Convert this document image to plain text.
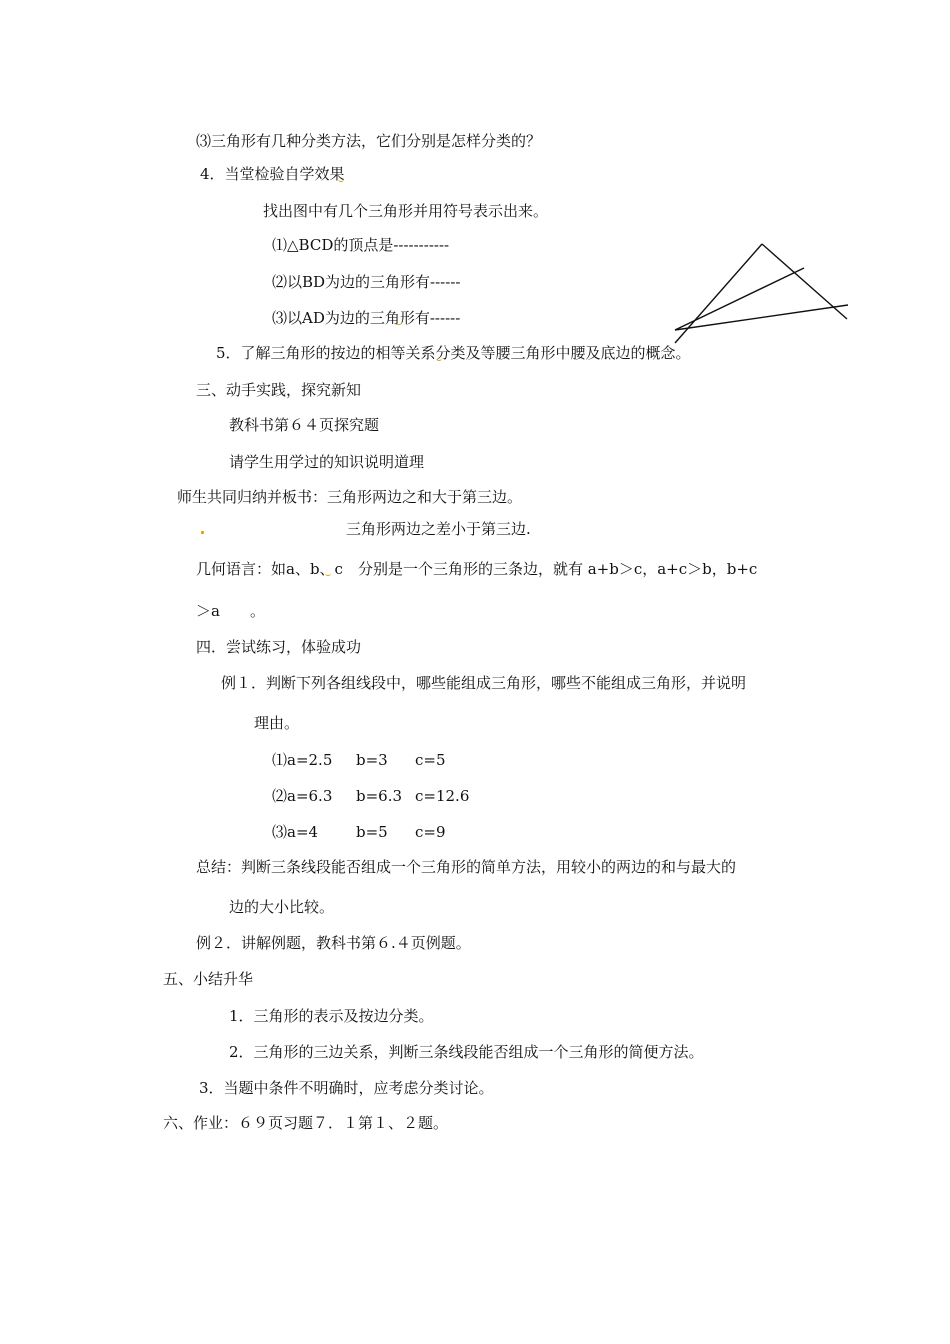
⑶三角形有几种分类方法，它们分别是怎样分类的？
4．当堂检验自学效果
找出图中有几个三角形并用符号表示出来。
⑴△BCD的顶点是-----------
⑵以BD为边的三角形有------
⑶以AD为边的三角形有------
5．了解三角形的按边的相等关系分类及等腰三角形中腰及底边的概念。
三、动手实践，探究新知
教科书第６４页探究题
请学生用学过的知识说明道理
师生共同归纳并板书：三角形两边之和大于第三边。
三角形两边之差小于第三边.
几何语言：如a、b、c　分别是一个三角形的三条边，就有 a+b＞c，a+c＞b，b+c
＞a　　。
四．尝试练习，体验成功
例１．判断下列各组线段中，哪些能组成三角形，哪些不能组成三角形，并说明
理由。
⑴a=2.5 b=3 c=5
⑵a=6.3 b=6.3 c=12.6
⑶a=4	b=5 c=9
总结：判断三条线段能否组成一个三角形的简单方法，用较小的两边的和与最大的
边的大小比较。
例２．讲解例题，教科书第６.４页例题。
五、小结升华
1．三角形的表示及按边分类。
2．三角形的三边关系，判断三条线段能否组成一个三角形的简便方法。
3．当题中条件不明确时，应考虑分类讨论。
六、作业：６９页习题７．１第１、２题。
